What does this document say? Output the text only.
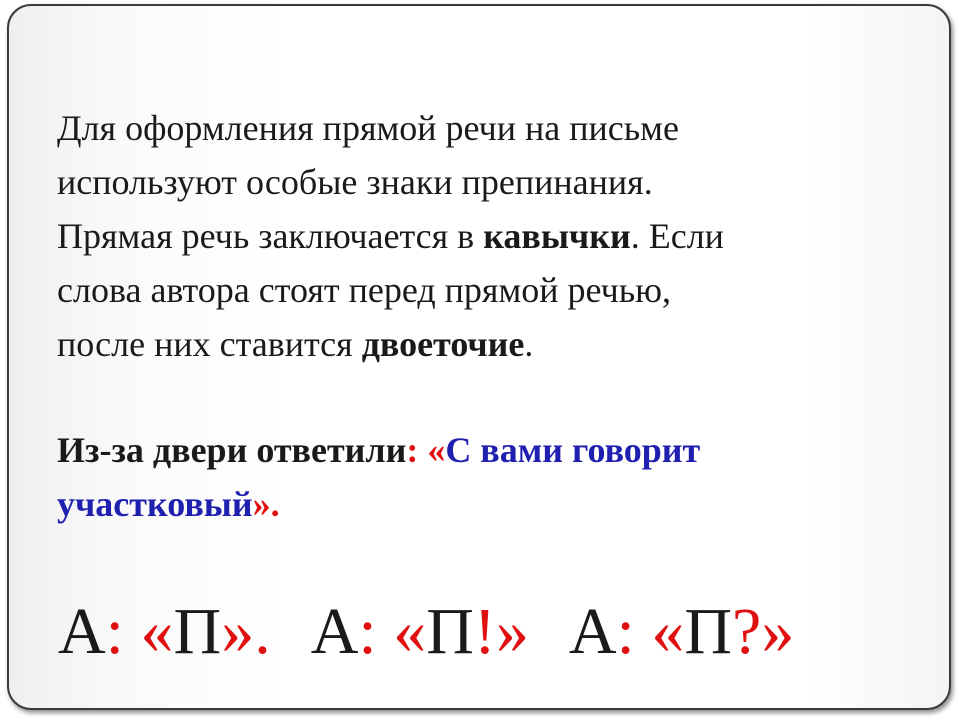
Для оформления прямой речи на письме
используют особые знаки препинания.
Прямая речь заключается в кавычки. Если
слова автора стоят перед прямой речью,
после них ставится двоеточие.

Из-за двери ответили: «С вами говорит
участковый».

А: «П». А: «П!» А: «П?»
